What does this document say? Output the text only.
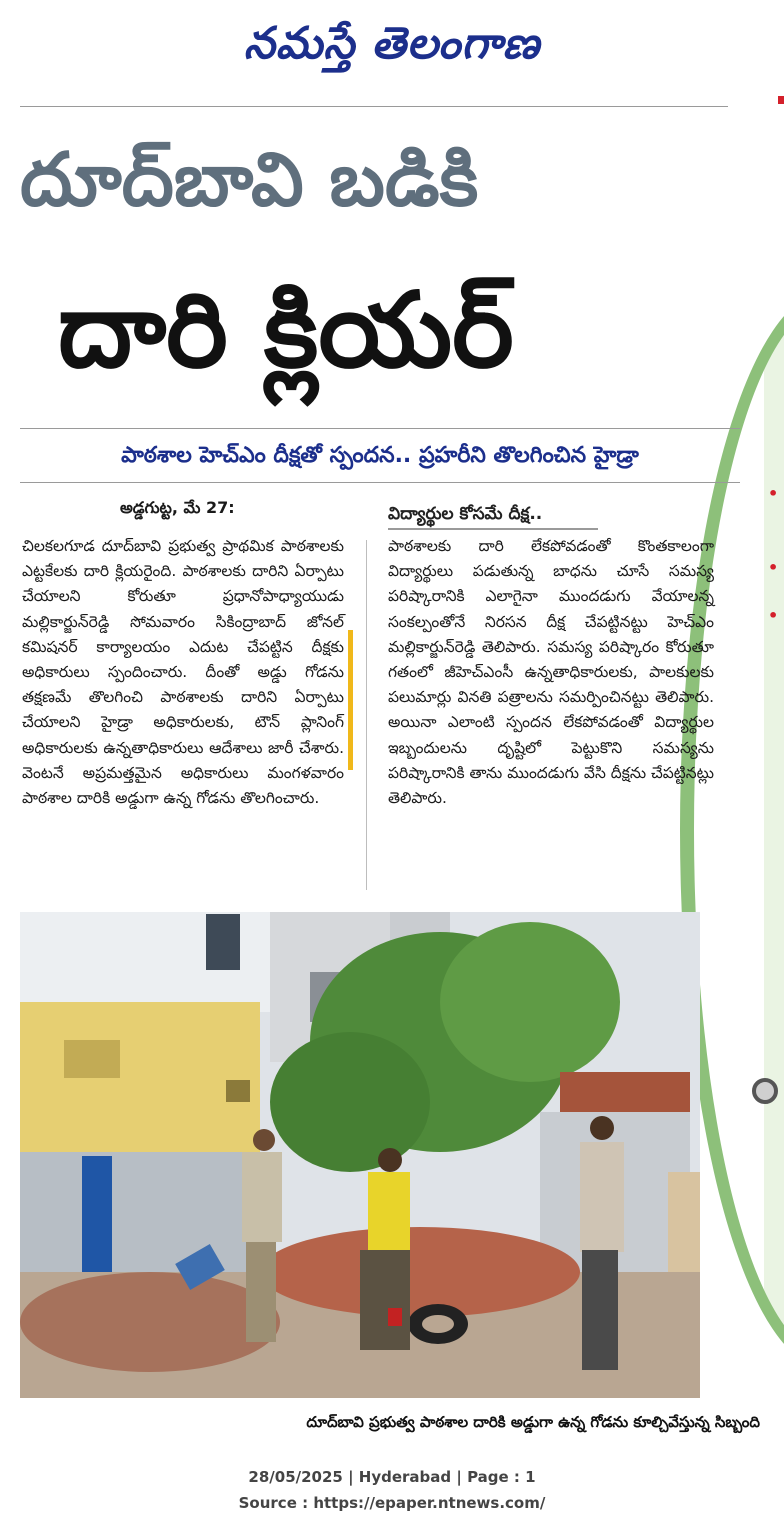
నమస్తే తెలంగాణ
•
•
•
దూద్‌బావి బడికి
దారి క్లియర్‌
పాఠశాల హెచ్‌ఎం దీక్షతో స్పందన.. ప్రహరీని తొలగించిన హైడ్రా
అడ్డగుట్ట, మే 27:
చిలకలగూడ దూద్‌బావి ప్రభుత్వ ప్రాథమిక పాఠశాలకు ఎట్టకేలకు దారి క్లియరైంది. పాఠశాలకు దారిని ఏర్పాటు చేయాలని కోరుతూ ప్రధానోపాధ్యాయుడు మల్లికార్జున్‌రెడ్డి సోమవారం సికింద్రాబాద్‌ జోనల్‌ కమిషనర్‌ కార్యాలయం ఎదుట చేపట్టిన దీక్షకు అధికారులు స్పందించారు. దీంతో అడ్డు గోడను తక్షణమే తొలగించి పాఠశాలకు దారిని ఏర్పాటు చేయాలని హైడ్రా అధికారులకు, టౌన్‌ ప్లానింగ్‌ అధికారులకు ఉన్నతాధికారులు ఆదేశాలు జారీ చేశారు. వెంటనే అప్రమత్తమైన అధికారులు మంగళవారం పాఠశాల దారికి అడ్డుగా ఉన్న గోడను తొలగించారు.
విద్యార్థుల కోసమే దీక్ష..
పాఠశాలకు దారి లేకపోవడంతో కొంతకాలంగా విద్యార్థులు పడుతున్న బాధను చూసే సమస్య పరిష్కారానికి ఎలాగైనా ముందడుగు వేయాలన్న సంకల్పంతోనే నిరసన దీక్ష చేపట్టినట్టు హెచ్‌ఎం మల్లికార్జున్‌రెడ్డి తెలిపారు. సమస్య పరిష్కారం కోరుతూ గతంలో జీహెచ్‌ఎంసీ ఉన్నతాధికారులకు, పాలకులకు పలుమార్లు వినతి పత్రాలను సమర్పించినట్టు తెలిపారు. అయినా ఎలాంటి స్పందన లేకపోవడంతో విద్యార్థుల ఇబ్బందులను దృష్టిలో పెట్టుకొని సమస్యను పరిష్కారానికి తాను ముందడుగు వేసి దీక్షను చేపట్టినట్లు తెలిపారు.
దూద్‌బావి ప్రభుత్వ పాఠశాల దారికి అడ్డుగా ఉన్న గోడను కూల్చివేస్తున్న సిబ్బంది
28/05/2025 | Hyderabad | Page : 1
Source : https://epaper.ntnews.com/
